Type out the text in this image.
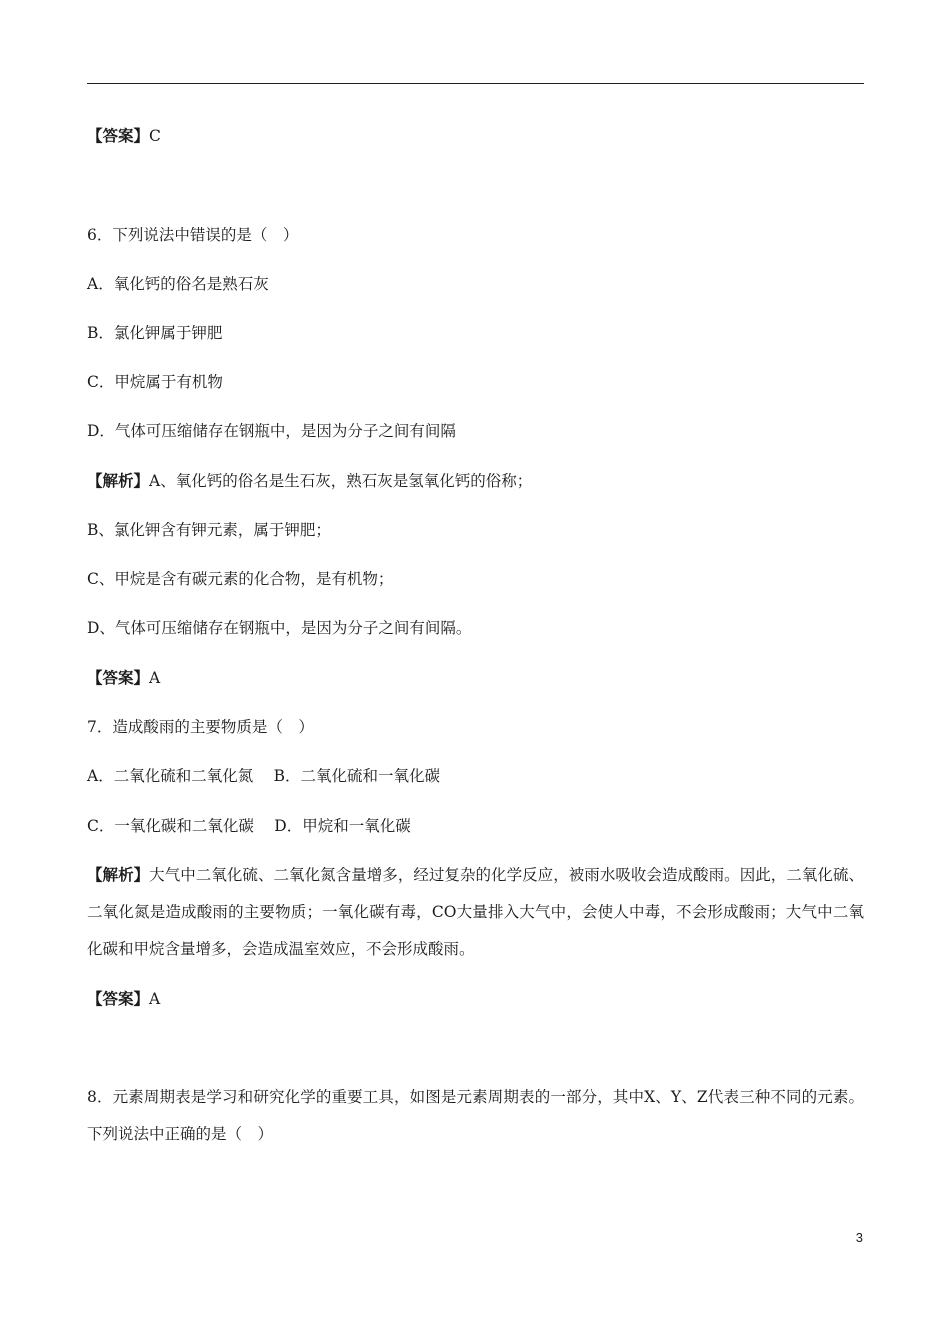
【答案】C
6．下列说法中错误的是（　）
A．氧化钙的俗名是熟石灰
B．氯化钾属于钾肥
C．甲烷属于有机物
D．气体可压缩储存在钢瓶中，是因为分子之间有间隔
【解析】A、氧化钙的俗名是生石灰，熟石灰是氢氧化钙的俗称；
B、氯化钾含有钾元素，属于钾肥；
C、甲烷是含有碳元素的化合物，是有机物；
D、气体可压缩储存在钢瓶中，是因为分子之间有间隔。
【答案】A
7．造成酸雨的主要物质是（　）
A．二氧化硫和二氧化氮　 B．二氧化硫和一氧化碳
C．一氧化碳和二氧化碳　 D．甲烷和一氧化碳
【解析】大气中二氧化硫、二氧化氮含量增多，经过复杂的化学反应，被雨水吸收会造成酸雨。因此，二氧化硫、二氧化氮是造成酸雨的主要物质；一氧化碳有毒，CO大量排入大气中，会使人中毒，不会形成酸雨；大气中二氧化碳和甲烷含量增多，会造成温室效应，不会形成酸雨。
【答案】A
8．元素周期表是学习和研究化学的重要工具，如图是元素周期表的一部分，其中X、Y、Z代表三种不同的元素。下列说法中正确的是（　）
3
